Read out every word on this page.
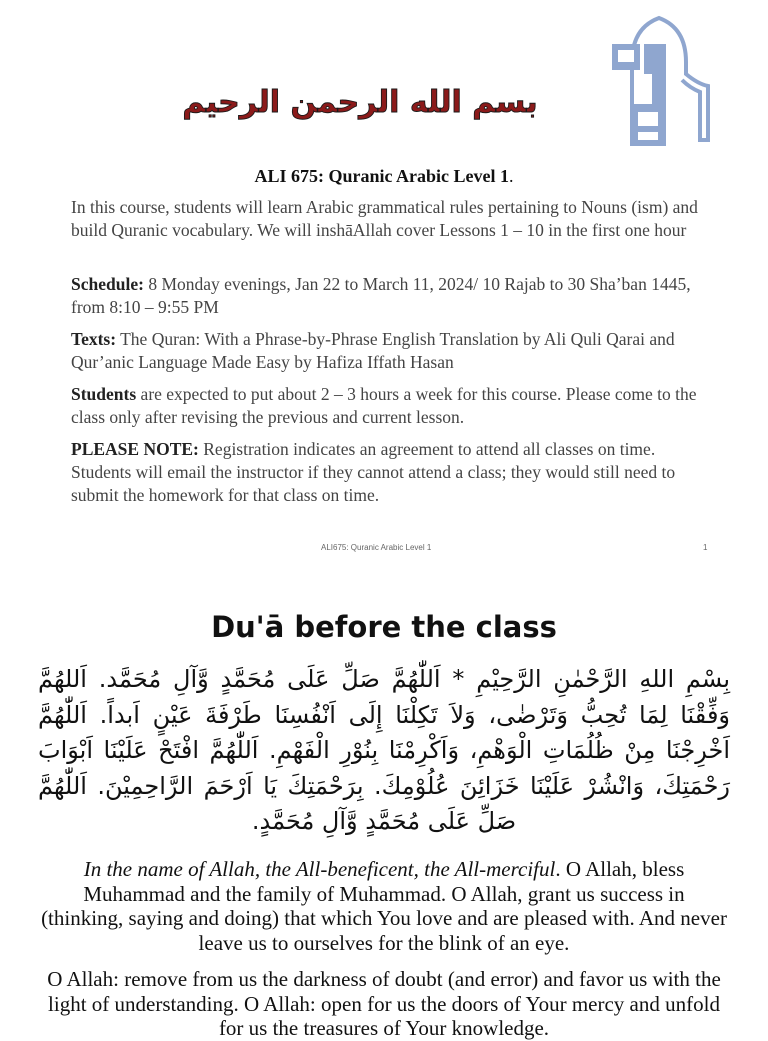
بسم الله الرحمن الرحيم
ALI 675: Quranic Arabic Level 1.

In this course, students will learn Arabic grammatical rules pertaining to Nouns (ism) and build Quranic vocabulary. We will inshāAllah cover Lessons 1 – 10 in the first one hour

Schedule: 8 Monday evenings, Jan 22 to March 11, 2024/ 10 Rajab to 30 Sha’ban 1445, from 8:10 – 9:55 PM

Texts: The Quran: With a Phrase-by-Phrase English Translation by Ali Quli Qarai and Qur’anic Language Made Easy by Hafiza Iffath Hasan

Students are expected to put about 2 – 3 hours a week for this course. Please come to the class only after revising the previous and current lesson.

PLEASE NOTE: Registration indicates an agreement to attend all classes on time. Students will email the instructor if they cannot attend a class; they would still need to submit the homework for that class on time.

ALI675: Quranic Arabic Level 1	1
Du'ā before the class

بِسْمِ اللهِ الرَّحْمٰنِ الرَّحِيْمِ * اَللّٰهُمَّ صَلِّ عَلَى مُحَمَّدٍ وَّآلِ مُحَمَّد. اَللهُمَّ وَفِّقْنَا لِمَا تُحِبُّ وَتَرْضٰى، وَلاَ تَكِلْنَا إِلَى اَنْفُسِنَا طَرْفَةَ عَيْنٍ اَبداً. اَللّٰهُمَّ اَخْرِجْنَا مِنْ ظُلُمَاتِ الْوَهْمِ، وَاَكْرِمْنَا بِنُوْرِ الْفَهْمِ. اَللّٰهُمَّ افْتَحْ عَلَيْنَا اَبْوَابَ رَحْمَتِكَ، وَانْشُرْ عَلَيْنَا خَزَائِنَ عُلُوْمِكَ. بِرَحْمَتِكَ يَا اَرْحَمَ الرَّاحِمِيْنَ. اَللّٰهُمَّ صَلِّ عَلَى مُحَمَّدٍ وَّآلِ مُحَمَّدٍ.

In the name of Allah, the All-beneficent, the All-merciful. O Allah, bless Muhammad and the family of Muhammad. O Allah, grant us success in (thinking, saying and doing) that which You love and are pleased with. And never leave us to ourselves for the blink of an eye.

O Allah: remove from us the darkness of doubt (and error) and favor us with the light of understanding. O Allah: open for us the doors of Your mercy and unfold for us the treasures of Your knowledge.
